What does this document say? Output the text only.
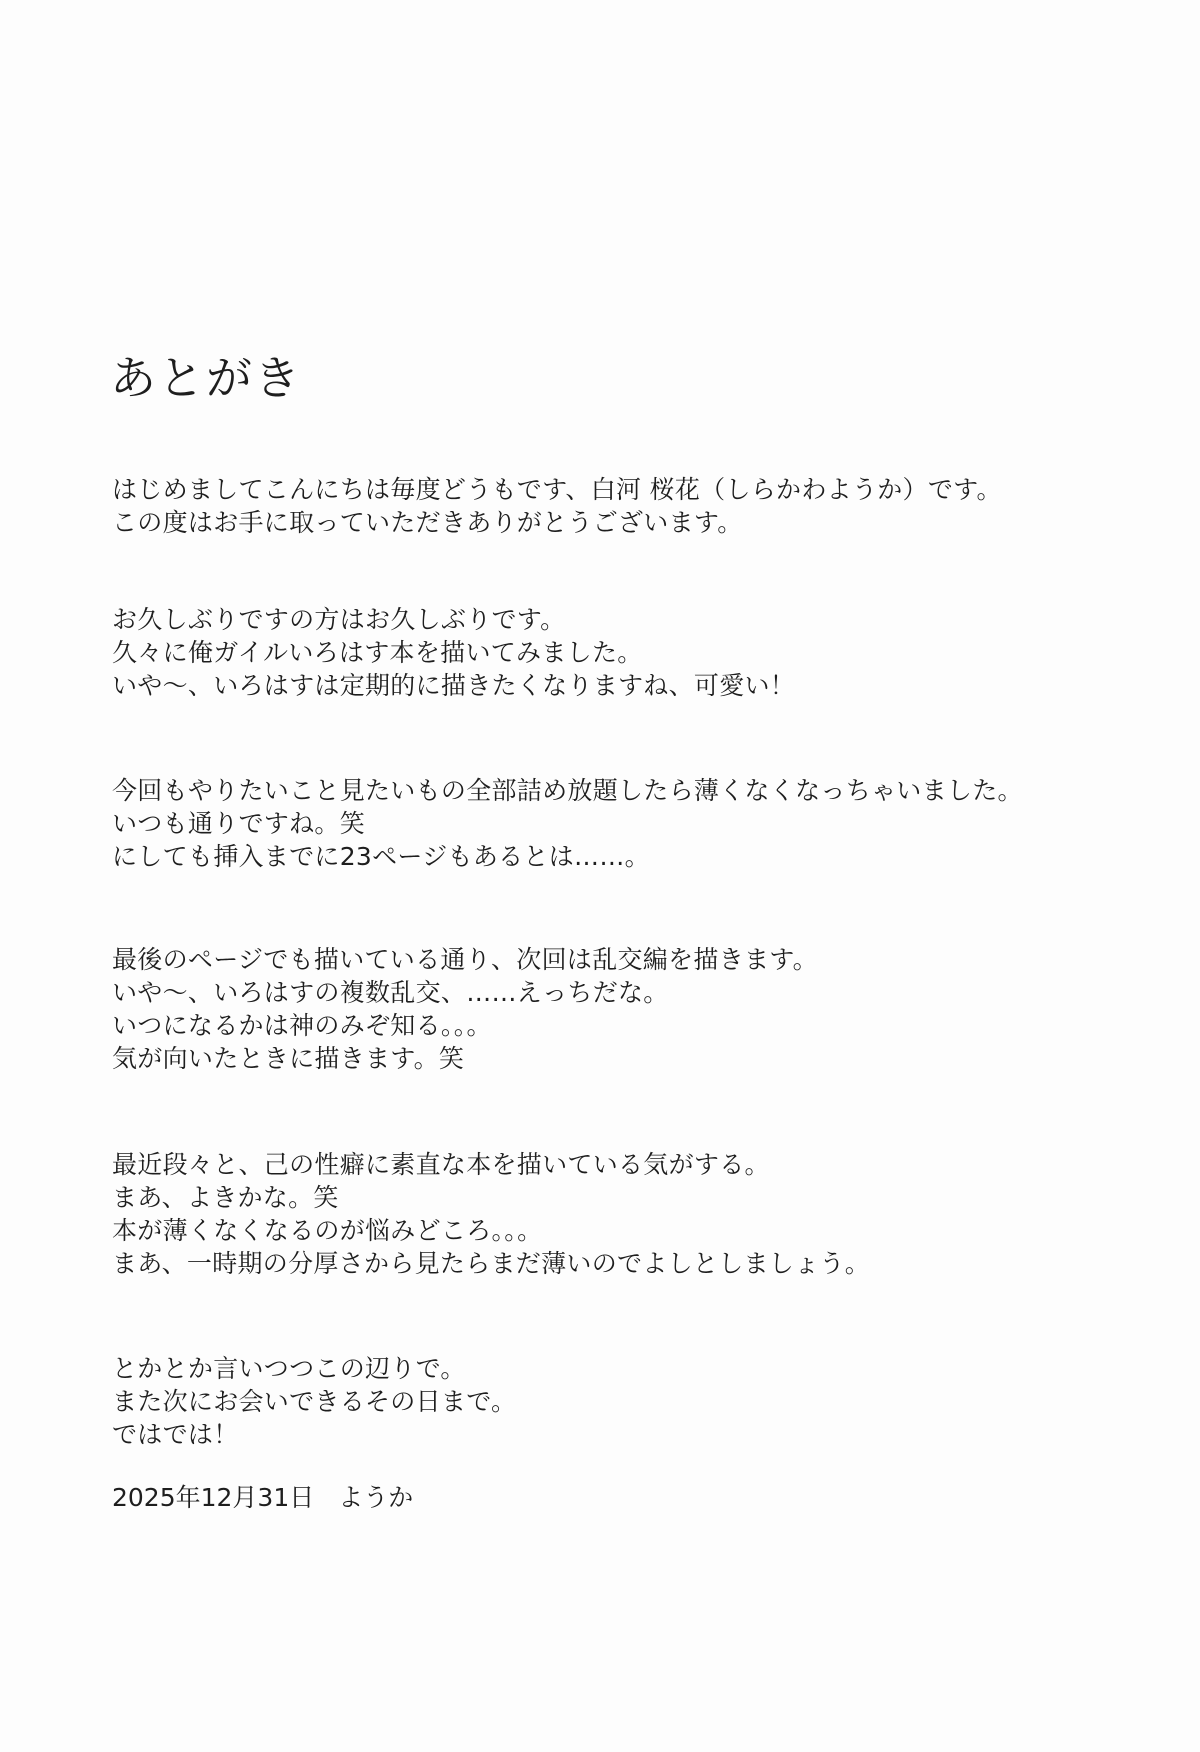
あとがき
はじめましてこんにちは毎度どうもです、白河 桜花（しらかわようか）です。
この度はお手に取っていただきありがとうございます。
お久しぶりですの方はお久しぶりです。
久々に俺ガイルいろはす本を描いてみました。
いや～、いろはすは定期的に描きたくなりますね、可愛い！
今回もやりたいこと見たいもの全部詰め放題したら薄くなくなっちゃいました。
いつも通りですね。笑
にしても挿入までに23ページもあるとは……。
最後のページでも描いている通り、次回は乱交編を描きます。
いや～、いろはすの複数乱交、……えっちだな。
いつになるかは神のみぞ知る。。。
気が向いたときに描きます。笑
最近段々と、己の性癖に素直な本を描いている気がする。
まあ、よきかな。笑
本が薄くなくなるのが悩みどころ。。。
まあ、一時期の分厚さから見たらまだ薄いのでよしとしましょう。
とかとか言いつつこの辺りで。
また次にお会いできるその日まで。
ではでは！
2025年12月31日 ようか
